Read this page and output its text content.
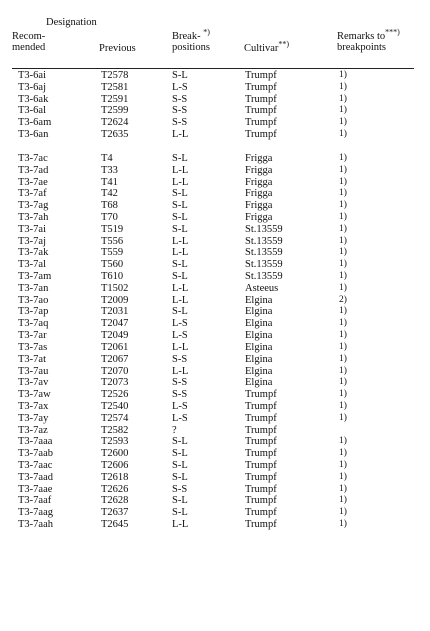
Designation
Recom-
mended	Previous
Break- *)
positions	Cultivar**)
Remarks to***)
breakpoints
T3-6ai	T2578	S-L	Trumpf	1)
T3-6aj	T2581	L-S	Trumpf	1)
T3-6ak	T2591	S-S	Trumpf	1)
T3-6al	T2599	S-S	Trumpf	1)
T3-6am	T2624	S-S	Trumpf	1)
T3-6an	T2635	L-L	Trumpf	1)
T3-7ac	T4	S-L	Frigga	1)
T3-7ad	T33	L-L	Frigga	1)
T3-7ae	T41	L-L	Frigga	1)
T3-7af	T42	S-L	Frigga	1)
T3-7ag	T68	S-L	Frigga	1)
T3-7ah	T70	S-L	Frigga	1)
T3-7ai	T519	S-L	St.13559	1)
T3-7aj	T556	L-L	St.13559	1)
T3-7ak	T559	L-L	St.13559	1)
T3-7al	T560	S-L	St.13559	1)
T3-7am	T610	S-L	St.13559	1)
T3-7an	T1502	L-L	Asteeus	1)
T3-7ao	T2009	L-L	Elgina	2)
T3-7ap	T2031	S-L	Elgina	1)
T3-7aq	T2047	L-S	Elgina	1)
T3-7ar	T2049	L-S	Elgina	1)
T3-7as	T2061	L-L	Elgina	1)
T3-7at	T2067	S-S	Elgina	1)
T3-7au	T2070	L-L	Elgina	1)
T3-7av	T2073	S-S	Elgina	1)
T3-7aw	T2526	S-S	Trumpf	1)
T3-7ax	T2540	L-S	Trumpf	1)
T3-7ay	T2574	L-S	Trumpf	1)
T3-7az	T2582	?	Trumpf
T3-7aaa	T2593	S-L	Trumpf	1)
T3-7aab	T2600	S-L	Trumpf	1)
T3-7aac	T2606	S-L	Trumpf	1)
T3-7aad	T2618	S-L	Trumpf	1)
T3-7aae	T2626	S-S	Trumpf	1)
T3-7aaf	T2628	S-L	Trumpf	1)
T3-7aag	T2637	S-L	Trumpf	1)
T3-7aah	T2645	L-L	Trumpf	1)
